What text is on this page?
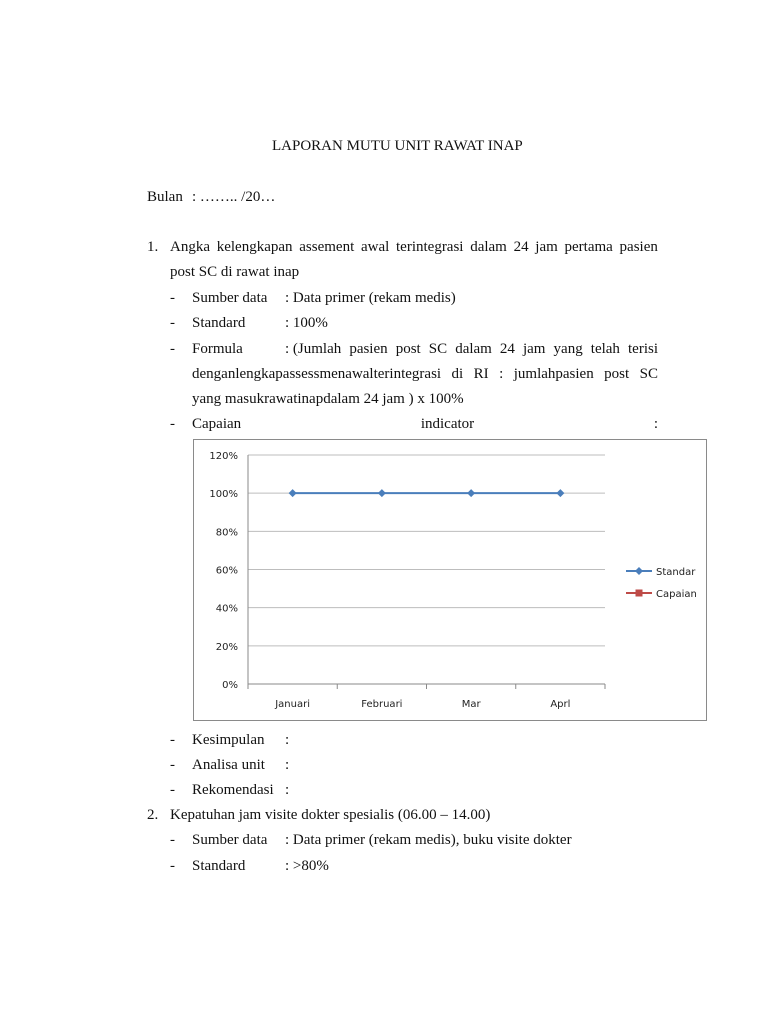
LAPORAN MUTU UNIT RAWAT INAP
Bulan : …….. /20…
1. Angka kelengkapan assement awal terintegrasi dalam 24 jam pertama pasien
post SC di rawat inap
- Sumber data : Data primer (rekam medis)
- Standard	: 100%
- Formula	: (Jumlah pasien post SC dalam 24 jam yang telah terisi
denganlengkapassessmenawalterintegrasi di RI : jumlahpasien post SC
yang masukrawatinapdalam 24 jam ) x 100%
- Capaian	indicator	:
0%
20%
40%
60%
80%
100%
120%
Januari	Februari	Mar	Aprl
Standar
Capaian
- Kesimpulan :
- Analisa unit :
- Rekomendasi :
2. Kepatuhan jam visite dokter spesialis (06.00 – 14.00)
- Sumber data : Data primer (rekam medis), buku visite dokter
- Standard	: >80%
